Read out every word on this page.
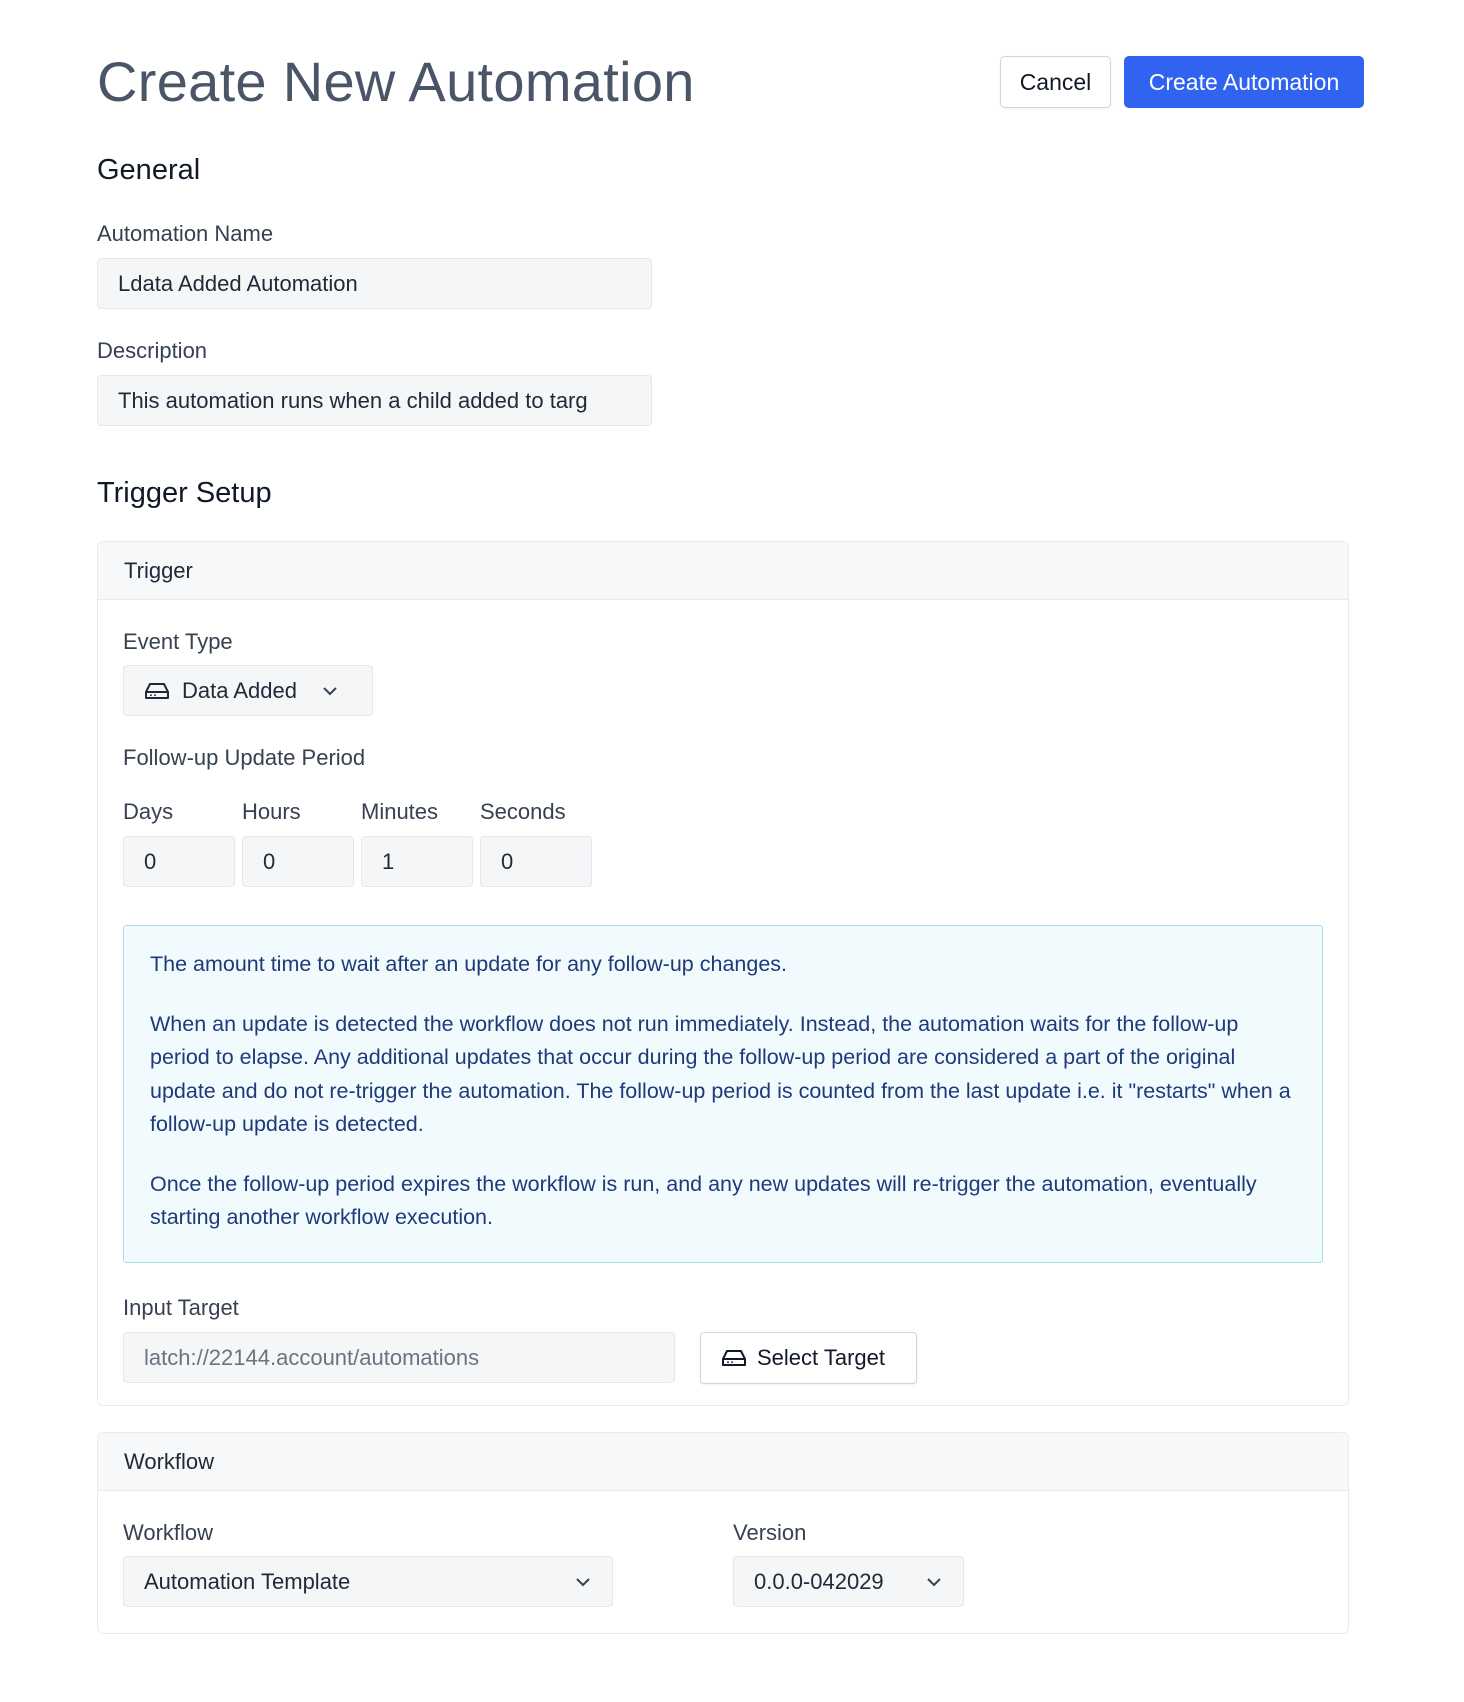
Create New Automation	Cancel	Create Automation
General
Automation Name
Ldata Added Automation
Description
This automation runs when a child added to targ
Trigger Setup
Trigger
Event Type
Data Added
Follow-up Update Period
Days	Hours	Minutes Seconds
0	0	1	0

The amount time to wait after an update for any follow-up changes.

When an update is detected the workflow does not run immediately. Instead, the automation waits for the follow-up period to elapse. Any additional updates that occur during the follow-up period are considered a part of the original update and do not re-trigger the automation. The follow-up period is counted from the last update i.e. it "restarts" when a follow-up update is detected.

Once the follow-up period expires the workflow is run, and any new updates will re-trigger the automation, eventually starting another workflow execution.

Input Target
latch://22144.account/automations	Select Target
Workflow
Workflow
Automation Template
Version
0.0.0-042029
